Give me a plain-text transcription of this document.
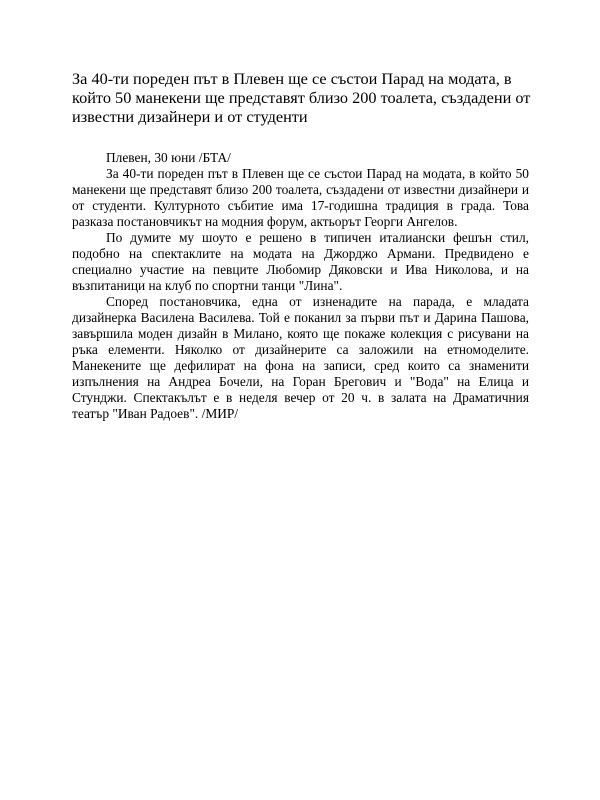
За 40-ти пореден път в Плевен ще се състои Парад на модата, в който 50 манекени ще представят близо 200 тоалета, създадени от известни дизайнери и от студенти

Плевен, 30 юни /БТА/

За 40-ти пореден път в Плевен ще се състои Парад на модата, в който 50 манекени ще представят близо 200 тоалета, създадени от известни дизайнери и от студенти. Културното събитие има 17-годишна традиция в града. Това разказа постановчикът на модния форум, актьорът Георги Ангелов.

По думите му шоуто е решено в типичен италиански фешън стил, подобно на спектаклите на модата на Джорджо Армани. Предвидено е специално участие на певците Любомир Дяковски и Ива Николова, и на възпитаници на клуб по спортни танци "Лина".

Според постановчика, една от изненадите на парада, е младата дизайнерка Василена Василева. Той е поканил за първи път и Дарина Пашова, завършила моден дизайн в Милано, която ще покаже колекция с рисувани на ръка елементи. Няколко от дизайнерите са заложили на етномоделите. Манекените ще дефилират на фона на записи, сред които са знаменити изпълнения на Андреа Бочели, на Горан Брегович и "Вода" на Елица и Стунджи. Спектакълът е в неделя вечер от 20 ч. в залата на Драматичния театър "Иван Радоев". /МИР/
